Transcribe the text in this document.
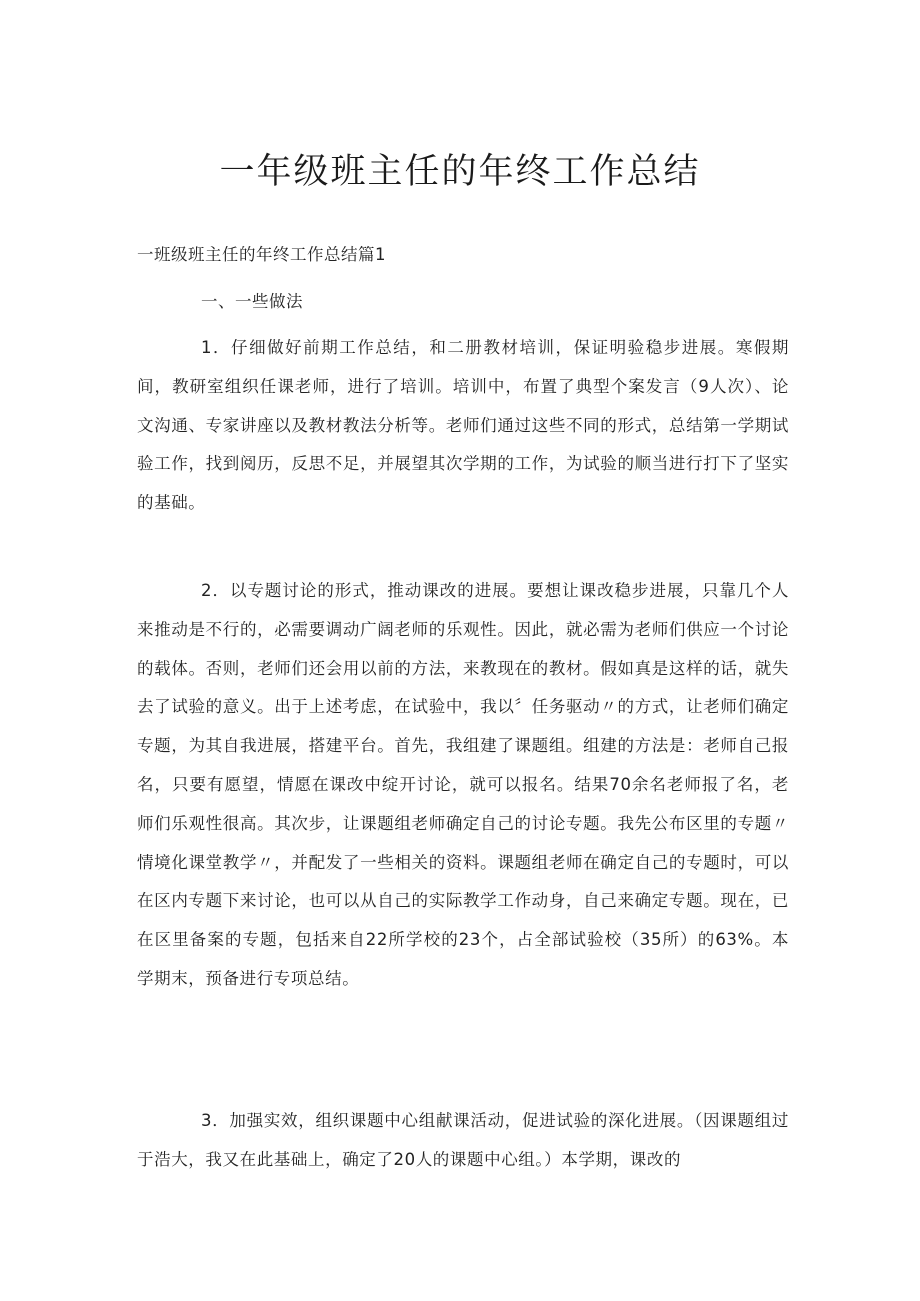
一年级班主任的年终工作总结

一班级班主任的年终工作总结篇1

一、一些做法

1．仔细做好前期工作总结，和二册教材培训，保证明验稳步进展。寒假期间，教研室组织任课老师，进行了培训。培训中，布置了典型个案发言（9人次）、论文沟通、专家讲座以及教材教法分析等。老师们通过这些不同的形式，总结第一学期试验工作，找到阅历，反思不足，并展望其次学期的工作，为试验的顺当进行打下了坚实的基础。

2．以专题讨论的形式，推动课改的进展。要想让课改稳步进展，只靠几个人来推动是不行的，必需要调动广阔老师的乐观性。因此，就必需为老师们供应一个讨论的载体。否则，老师们还会用以前的方法，来教现在的教材。假如真是这样的话，就失去了试验的意义。出于上述考虑，在试验中，我以〞任务驱动〃的方式，让老师们确定专题，为其自我进展，搭建平台。首先，我组建了课题组。组建的方法是：老师自己报名，只要有愿望，情愿在课改中绽开讨论，就可以报名。结果70余名老师报了名，老师们乐观性很高。其次步，让课题组老师确定自己的讨论专题。我先公布区里的专题〃情境化课堂教学〃，并配发了一些相关的资料。课题组老师在确定自己的专题时，可以在区内专题下来讨论，也可以从自己的实际教学工作动身，自己来确定专题。现在，已在区里备案的专题，包括来自22所学校的23个，占全部试验校（35所）的63%。本学期末，预备进行专项总结。

3．加强实效，组织课题中心组献课活动，促进试验的深化进展。（因课题组过于浩大，我又在此基础上，确定了20人的课题中心组。）本学期，课改的
